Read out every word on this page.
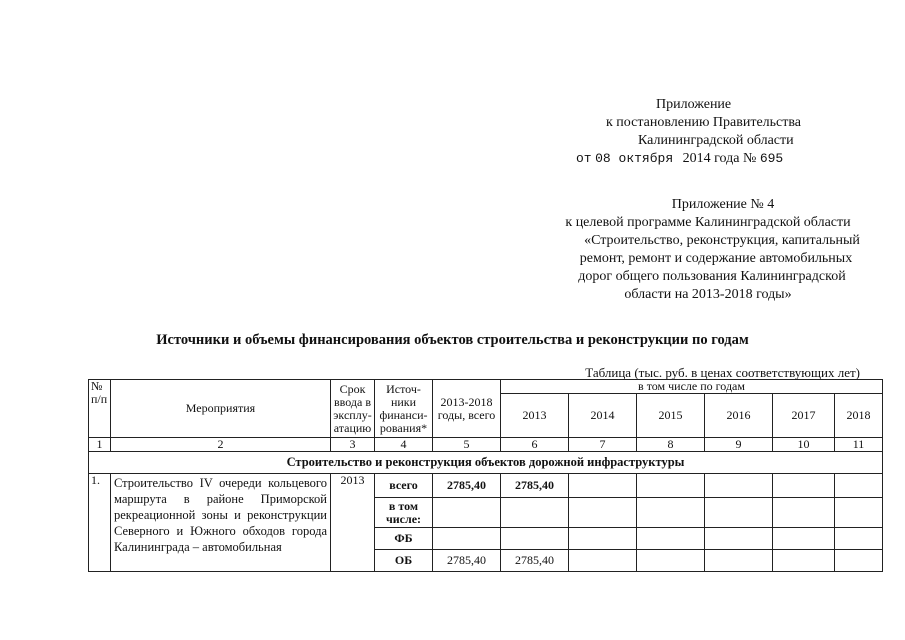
Приложение
к постановлению Правительства
Калининградской области
от 08 октября 2014 года № 695
Приложение № 4
к целевой программе Калининградской области
«Строительство, реконструкция, капитальный
ремонт, ремонт и содержание автомобильных
дорог общего пользования Калининградской
области на 2013-2018 годы»
Источники и объемы финансирования объектов строительства и реконструкции по годам
Таблица (тыс. руб. в ценах соответствующих лет)
№ п/п	Мероприятия	Срок ввода в эксплу-атацию	Источ-ники финанси-рования*	2013-2018 годы, всего	в том числе по годам					
					2013	2014	2015	2016	2017	2018
1	2	3	4	5	6	7	8	9	10	11
Строительство и реконструкция объектов дорожной инфраструктуры										
1.	Строительство IV очереди кольцевого маршрута в районе Приморской рекреационной зоны и реконструкции Северного и Южного обходов города Калининграда – автомобильная	2013	всего	2785,40	2785,40					
			в том числе:							
			ФБ							
			ОБ	2785,40	2785,40					
